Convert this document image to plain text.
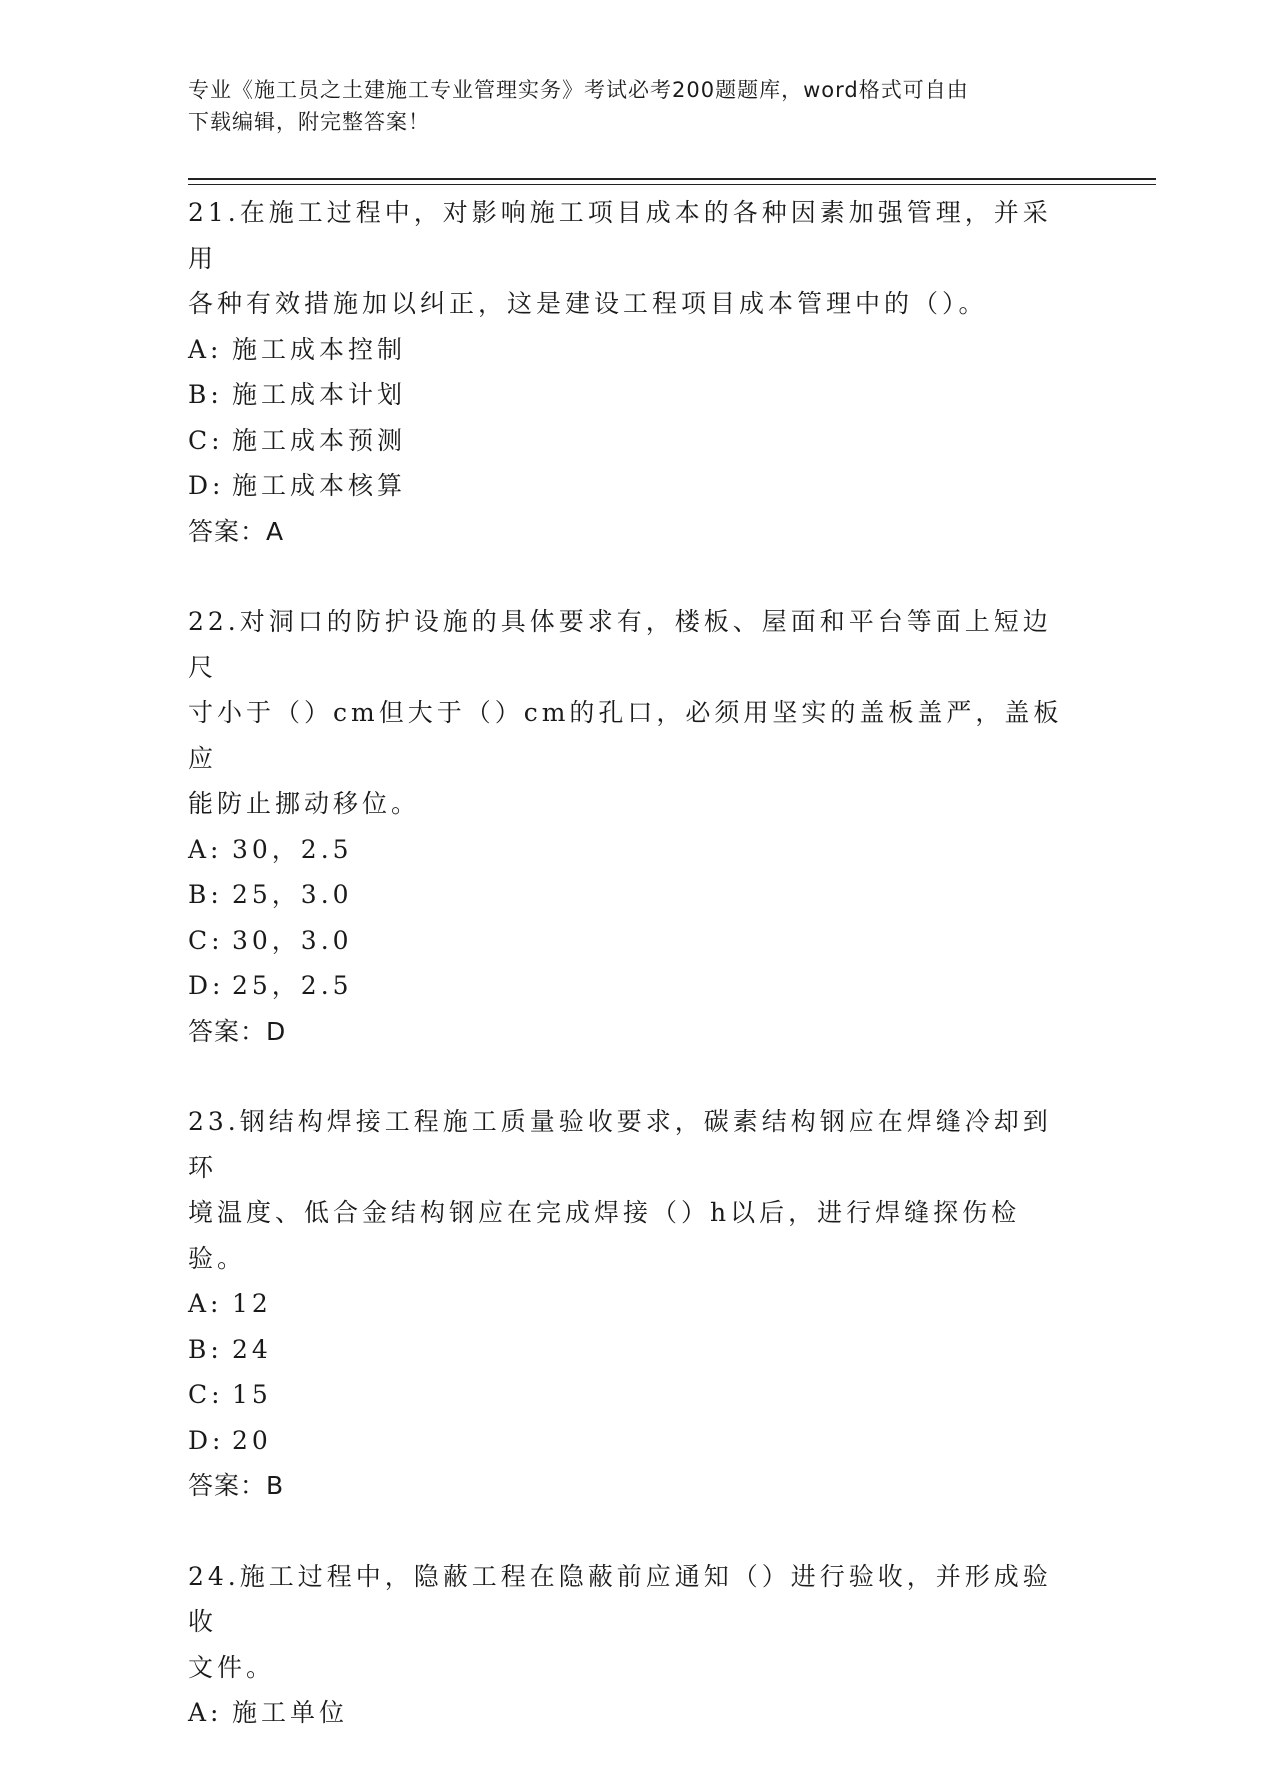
专业《施工员之土建施工专业管理实务》考试必考200题题库，word格式可自由
下载编辑，附完整答案！
21.在施工过程中，对影响施工项目成本的各种因素加强管理，并采用
各种有效措施加以纠正，这是建设工程项目成本管理中的（）。
A: 施工成本控制
B: 施工成本计划
C: 施工成本预测
D: 施工成本核算
答案：A
22.对洞口的防护设施的具体要求有，楼板、屋面和平台等面上短边尺
寸小于（）cm但大于（）cm的孔口，必须用坚实的盖板盖严，盖板应
能防止挪动移位。
A: 30，2.5
B: 25，3.0
C: 30，3.0
D: 25，2.5
答案：D
23.钢结构焊接工程施工质量验收要求，碳素结构钢应在焊缝冷却到环
境温度、低合金结构钢应在完成焊接（）h以后，进行焊缝探伤检验。
A: 12
B: 24
C: 15
D: 20
答案：B
24.施工过程中，隐蔽工程在隐蔽前应通知（）进行验收，并形成验收
文件。
A: 施工单位
